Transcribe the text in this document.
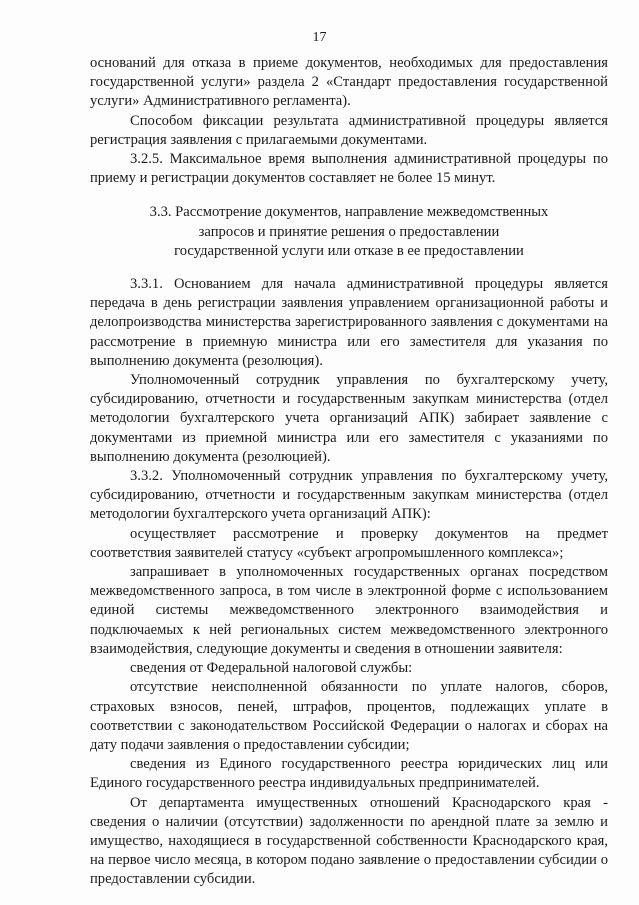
17

оснований для отказа в приеме документов, необходимых для предоставления государственной услуги» раздела 2 «Стандарт предоставления государственной услуги» Административного регламента).

Способом фиксации результата административной процедуры является регистрация заявления с прилагаемыми документами.

3.2.5. Максимальное время выполнения административной процедуры по приему и регистрации документов составляет не более 15 минут.

3.3. Рассмотрение документов, направление межведомственных
запросов и принятие решения о предоставлении
государственной услуги или отказе в ее предоставлении

3.3.1. Основанием для начала административной процедуры является передача в день регистрации заявления управлением организационной работы и делопроизводства министерства зарегистрированного заявления с документами на рассмотрение в приемную министра или его заместителя для указания по выполнению документа (резолюция).

Уполномоченный сотрудник управления по бухгалтерскому учету, субсидированию, отчетности и государственным закупкам министерства (отдел методологии бухгалтерского учета организаций АПК) забирает заявление с документами из приемной министра или его заместителя с указаниями по выполнению документа (резолюцией).

3.3.2. Уполномоченный сотрудник управления по бухгалтерскому учету, субсидированию, отчетности и государственным закупкам министерства (отдел методологии бухгалтерского учета организаций АПК):

осуществляет рассмотрение и проверку документов на предмет соответствия заявителей статусу «субъект агропромышленного комплекса»;

запрашивает в уполномоченных государственных органах посредством межведомственного запроса, в том числе в электронной форме с использованием единой системы межведомственного электронного взаимодействия и подключаемых к ней региональных систем межведомственного электронного взаимодействия, следующие документы и сведения в отношении заявителя:

сведения от Федеральной налоговой службы:

отсутствие неисполненной обязанности по уплате налогов, сборов, страховых взносов, пеней, штрафов, процентов, подлежащих уплате в соответствии с законодательством Российской Федерации о налогах и сборах на дату подачи заявления о предоставлении субсидии;

сведения из Единого государственного реестра юридических лиц или Единого государственного реестра индивидуальных предпринимателей.

От департамента имущественных отношений Краснодарского края - сведения о наличии (отсутствии) задолженности по арендной плате за землю и имущество, находящиеся в государственной собственности Краснодарского края, на первое число месяца, в котором подано заявление о предоставлении субсидии о предоставлении субсидии.
